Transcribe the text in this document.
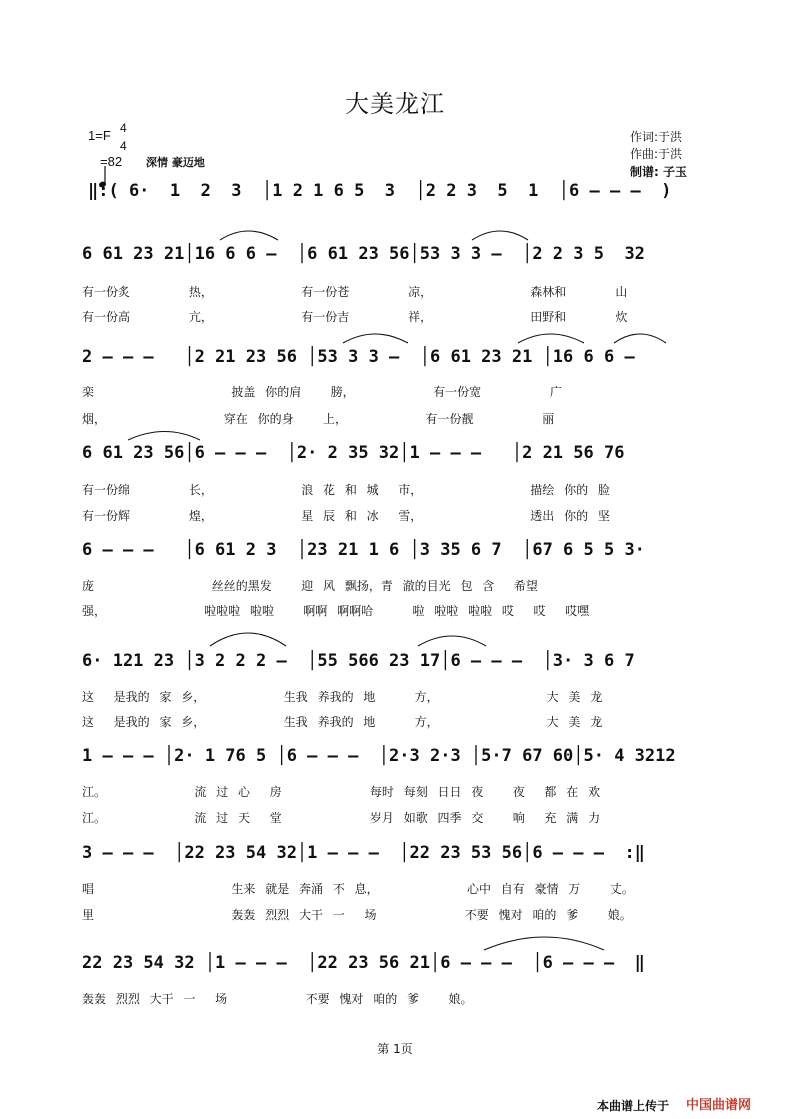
大美龙江
1=F 4
4

=82 深情 豪迈地
作词:于洪
作曲:于洪
制谱: 子玉
‖:( 6·  1  2  3  │1 2 1 6 5  3  │2 2 3  5  1  │6 – – –  )
6 61 23 21│16 6 6 –  │6 61 23 56│53 3 3 –  │2 2 3 5  32
有一份炙      热，         有一份苍      凉，          森林和     山
有一份高      亢，         有一份吉      祥，          田野和     炊
2 – – –   │2 21 23 56 │53 3 3 –  │6 61 23 21 │16 6 6 –
栾              披盖 你的肩   膀，        有一份宽       广
烟，            穿在 你的身   上，        有一份靓       丽
6 61 23 56│6 – – –  │2· 2 35 32│1 – – –   │2 21 56 76
有一份绵      长，         浪 花 和 城  市，           描绘 你的 脸
有一份辉      煌，         星 辰 和 冰  雪，           透出 你的 坚
6 – – –   │6 61 2 3  │23 21 1 6 │3 35 6 7  │67 6 5 5 3·
庞            丝丝的黑发   迎 风 飘扬，青 澈的目光 包 含  希望
强，          啦啦啦 啦啦   啊啊 啊啊哈    啦 啦啦 啦啦 哎  哎  哎嘿
6· 121 23 │3 2 2 2 –  │55 566 23 17│6 – – –  │3· 3 6 7
这  是我的 家 乡，        生我 养我的 地    方，           大 美 龙
这  是我的 家 乡，        生我 养我的 地    方，           大 美 龙
1 – – – │2· 1 76 5 │6 – – –  │2·3 2·3 │5·7 67 60│5· 4 3212
江。         流 过 心  房         每时 每刻 日日 夜   夜  都 在 欢
江。         流 过 天  堂         岁月 如歌 四季 交   响  充 满 力
3 – – –  │22 23 54 32│1 – – –  │22 23 53 56│6 – – –  :‖
唱              生来 就是 奔涌 不 息，         心中 自有 豪情 万   丈。
里              轰轰 烈烈 大干 一  场         不要 愧对 咱的 爹   娘。
22 23 54 32 │1 – – –  │22 23 56 21│6 – – –  │6 – – –  ‖
轰轰 烈烈 大干 一  场        不要 愧对 咱的 爹   娘。
第 1页
本曲谱上传于 中国曲谱网
